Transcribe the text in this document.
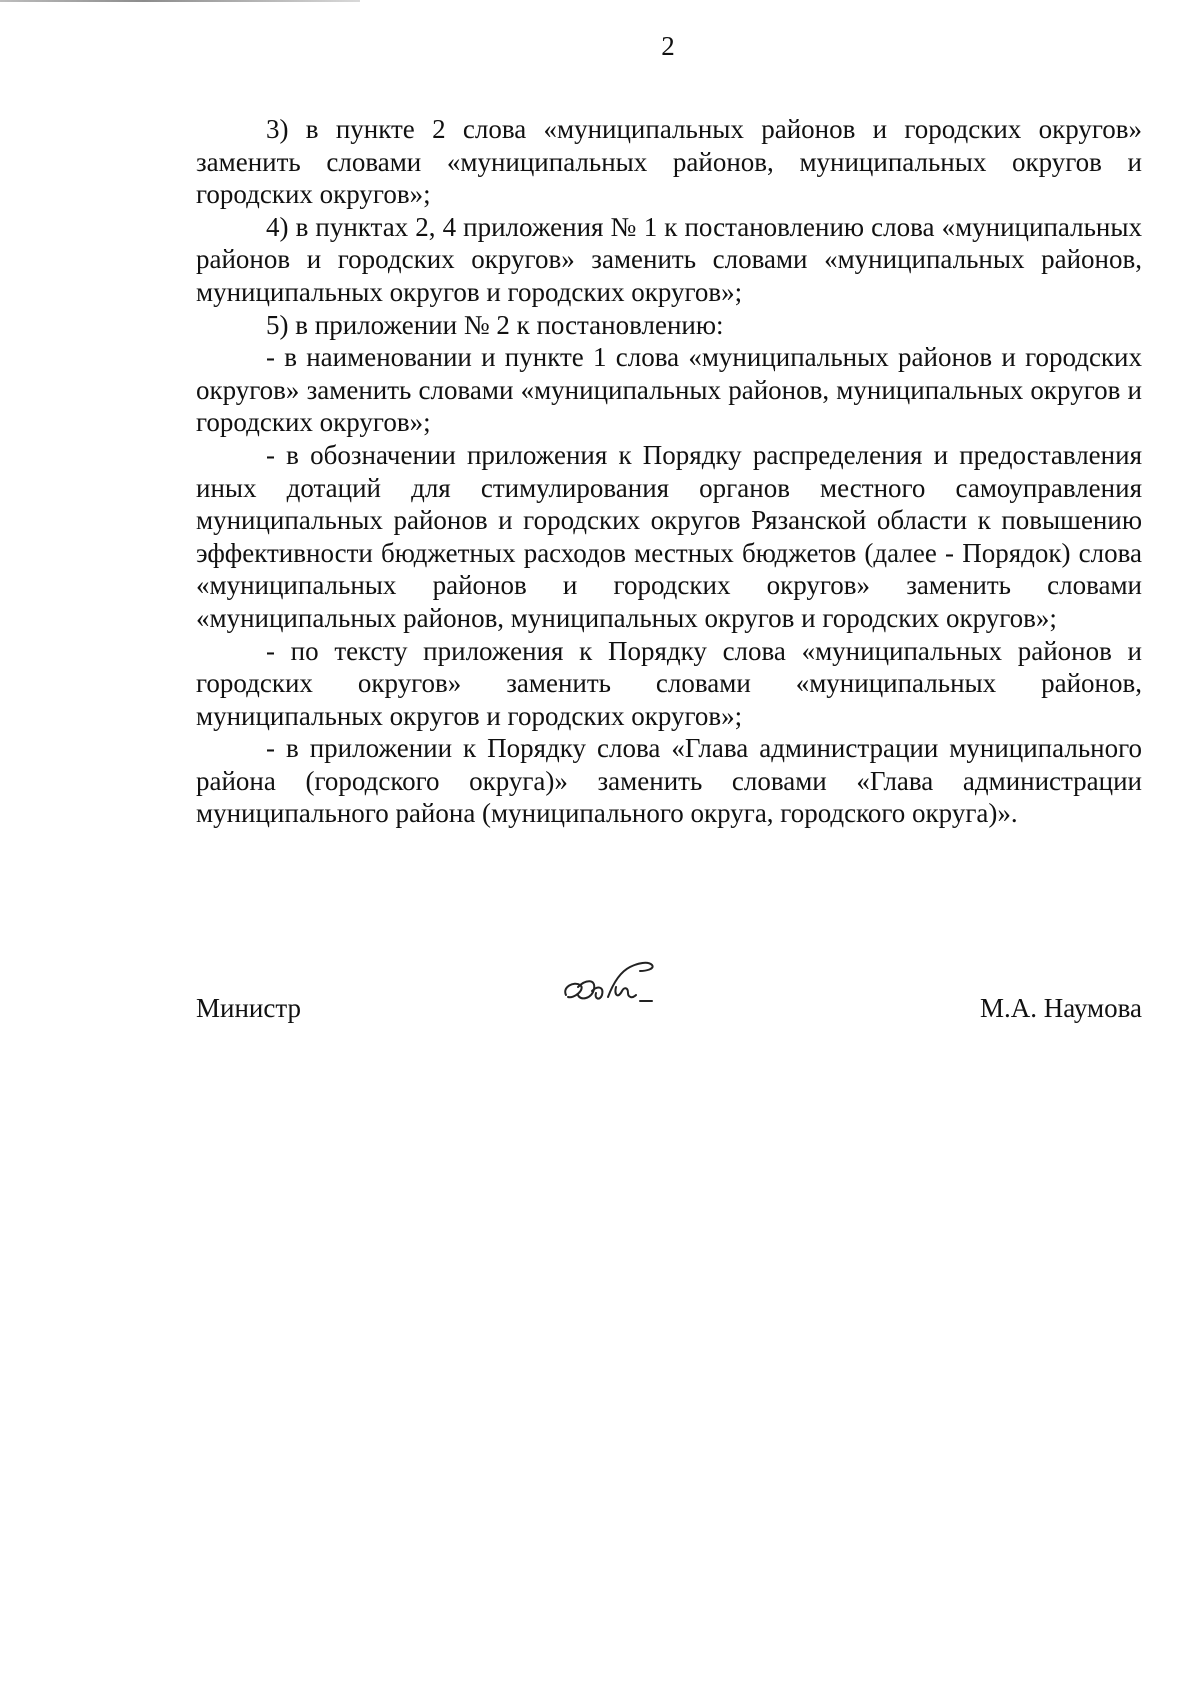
2

3) в пункте 2 слова «муниципальных районов и городских округов» заменить словами «муниципальных районов, муниципальных округов и городских округов»;

4) в пунктах 2, 4 приложения № 1 к постановлению слова «муниципальных районов и городских округов» заменить словами «муниципальных районов, муниципальных округов и городских округов»;

5) в приложении № 2 к постановлению:

- в наименовании и пункте 1 слова «муниципальных районов и городских округов» заменить словами «муниципальных районов, муниципальных округов и городских округов»;

- в обозначении приложения к Порядку распределения и предоставления иных дотаций для стимулирования органов местного самоуправления муниципальных районов и городских округов Рязанской области к повышению эффективности бюджетных расходов местных бюджетов (далее - Порядок) слова «муниципальных районов и городских округов» заменить словами «муниципальных районов, муниципальных округов и городских округов»;

- по тексту приложения к Порядку слова «муниципальных районов и городских округов» заменить словами «муниципальных районов, муниципальных округов и городских округов»;

- в приложении к Порядку слова «Глава администрации муниципального района (городского округа)» заменить словами «Глава администрации муниципального района (муниципального округа, городского округа)».

Министр	М.А. Наумова
